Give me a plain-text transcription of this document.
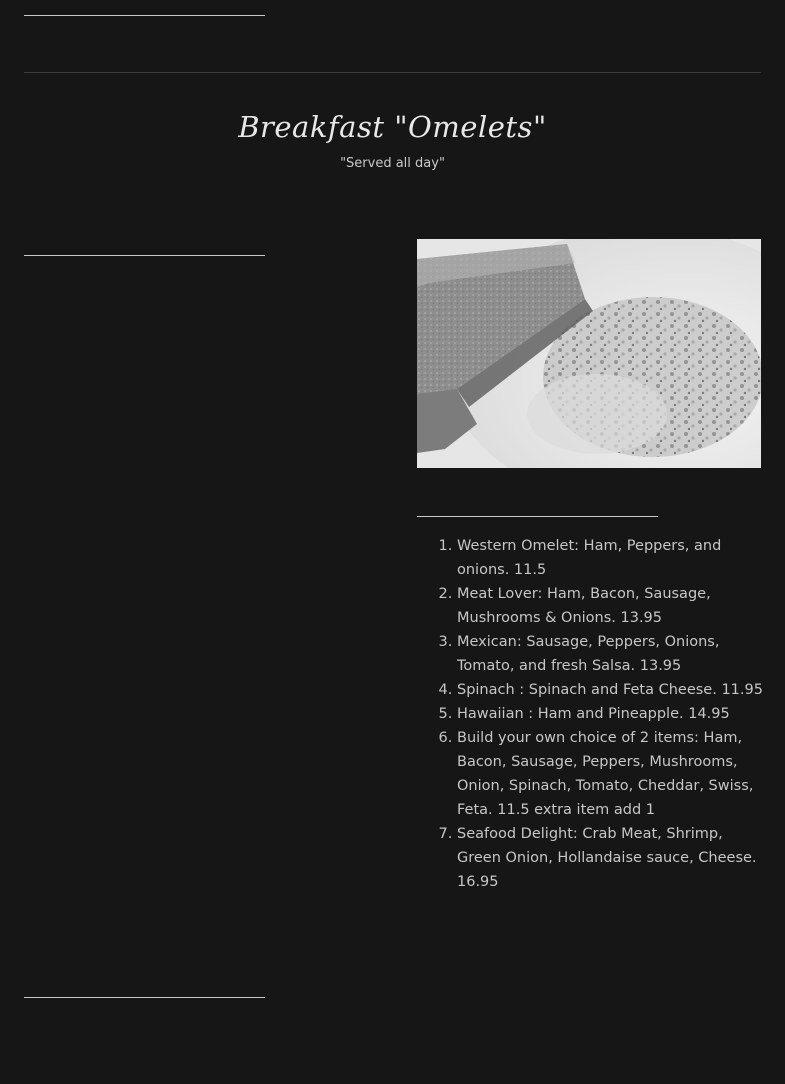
Breakfast "Omelets"

"Served all day"

1. Western Omelet: Ham, Peppers, and onions. 11.5
2. Meat Lover: Ham, Bacon, Sausage, Mushrooms & Onions. 13.95
3. Mexican: Sausage, Peppers, Onions, Tomato, and fresh Salsa. 13.95
4. Spinach : Spinach and Feta Cheese. 11.95
5. Hawaiian : Ham and Pineapple. 14.95
6. Build your own choice of 2 items: Ham, Bacon, Sausage, Peppers, Mushrooms, Onion, Spinach, Tomato, Cheddar, Swiss, Feta. 11.5 extra item add 1
7. Seafood Delight: Crab Meat, Shrimp, Green Onion, Hollandaise sauce, Cheese. 16.95
